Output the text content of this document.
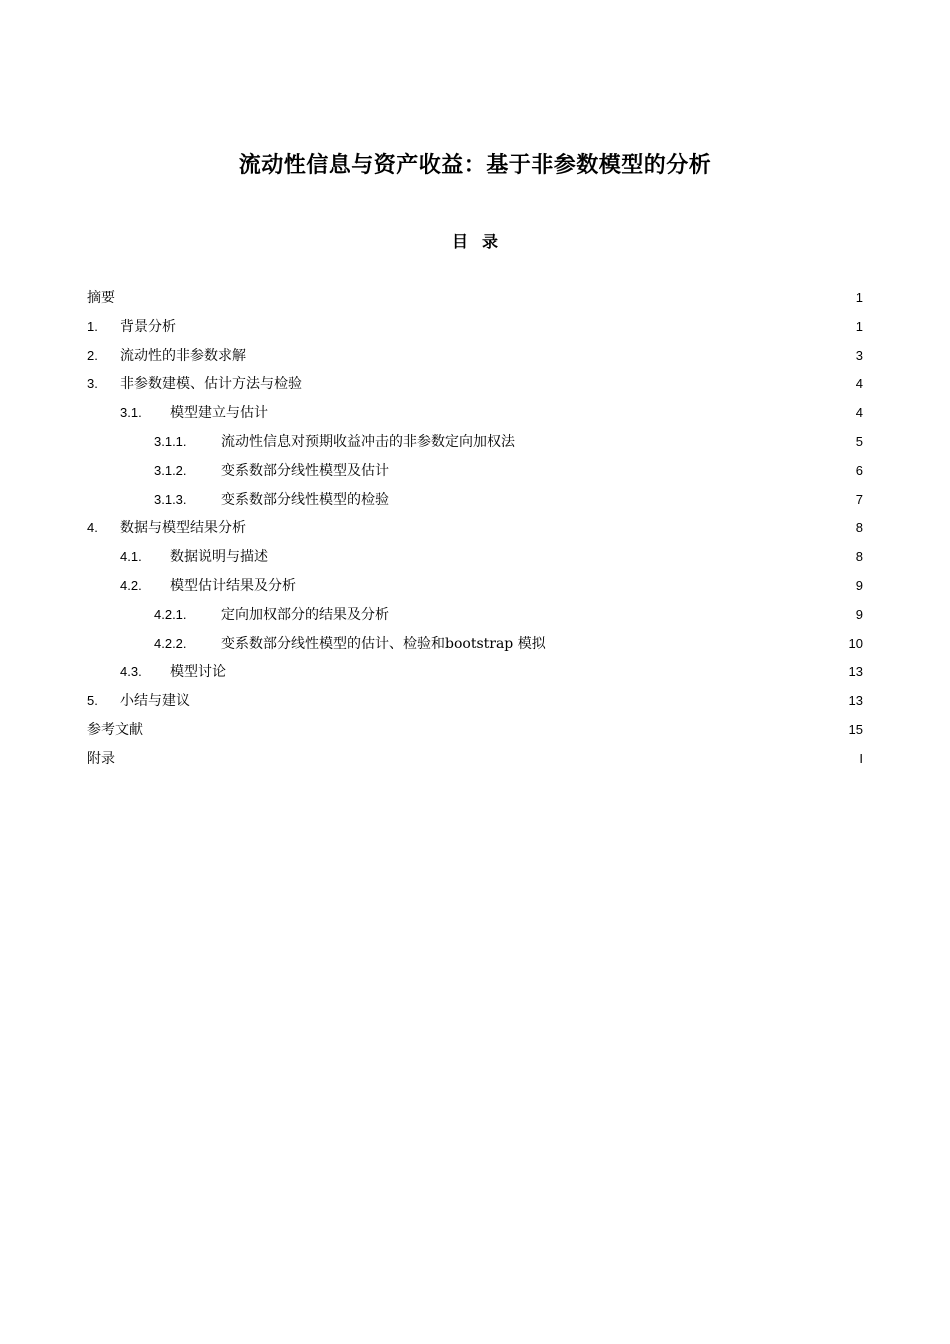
流动性信息与资产收益：基于非参数模型的分析
目录
摘要	1
1.	背景分析	1
2.	流动性的非参数求解	3
3.	非参数建模、估计方法与检验	4
3.1.	模型建立与估计	4
3.1.1.	流动性信息对预期收益冲击的非参数定向加权法	5
3.1.2.	变系数部分线性模型及估计	6
3.1.3.	变系数部分线性模型的检验	7
4.	数据与模型结果分析	8
4.1.	数据说明与描述	8
4.2.	模型估计结果及分析	9
4.2.1.	定向加权部分的结果及分析	9
4.2.2.	变系数部分线性模型的估计、检验和bootstrap 模拟	10
4.3.	模型讨论	13
5.	小结与建议	13
参考文献	15
附录	I
